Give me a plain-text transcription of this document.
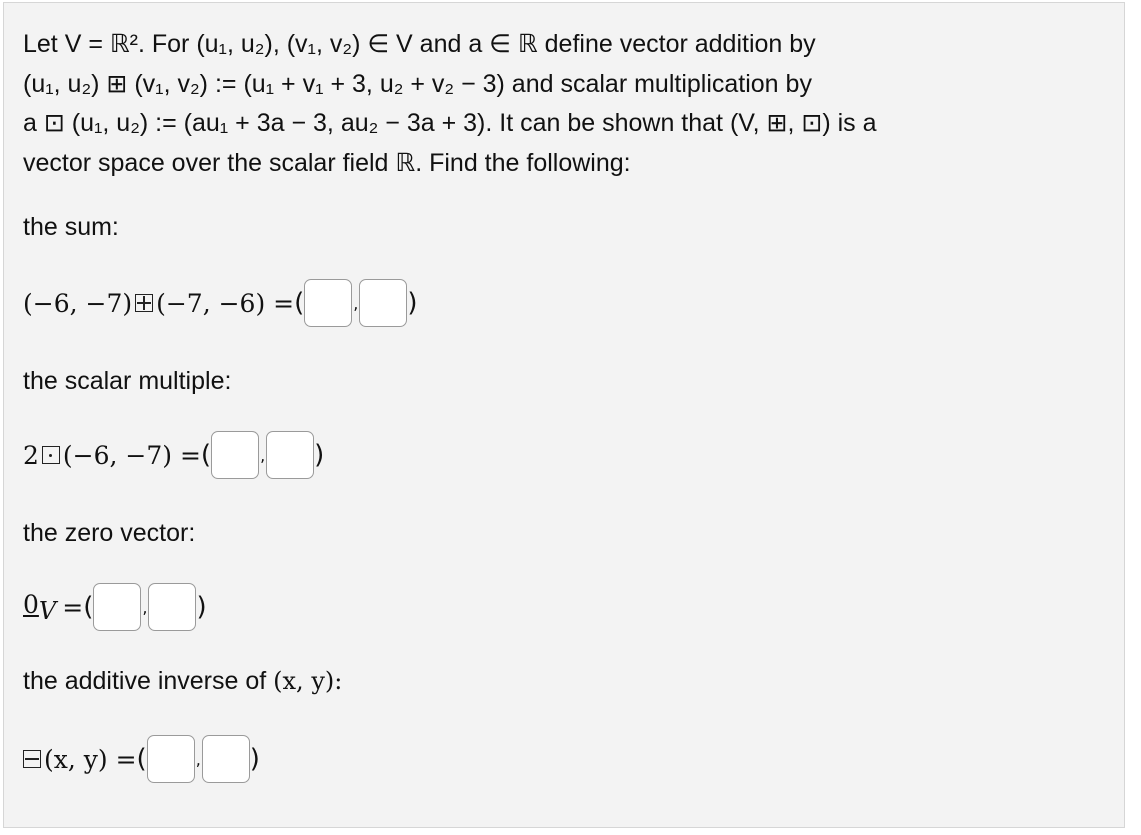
Let V = ℝ². For (u₁, u₂), (v₁, v₂) ∈ V and a ∈ ℝ define vector addition by
(u₁, u₂) ⊞ (v₁, v₂) := (u₁ + v₁ + 3, u₂ + v₂ − 3) and scalar multiplication by
a ⊡ (u₁, u₂) := (au₁ + 3a − 3, au₂ − 3a + 3). It can be shown that (V, ⊞, ⊡) is a
vector space over the scalar field ℝ. Find the following:
the sum:
(−6, −7) (−7, −6) = (	, )
the scalar multiple:
2 (−6, −7) = (	, )
the zero vector:
$0_V$ = (	, )
the additive inverse of (x, y):
(x, y) = (	, )
